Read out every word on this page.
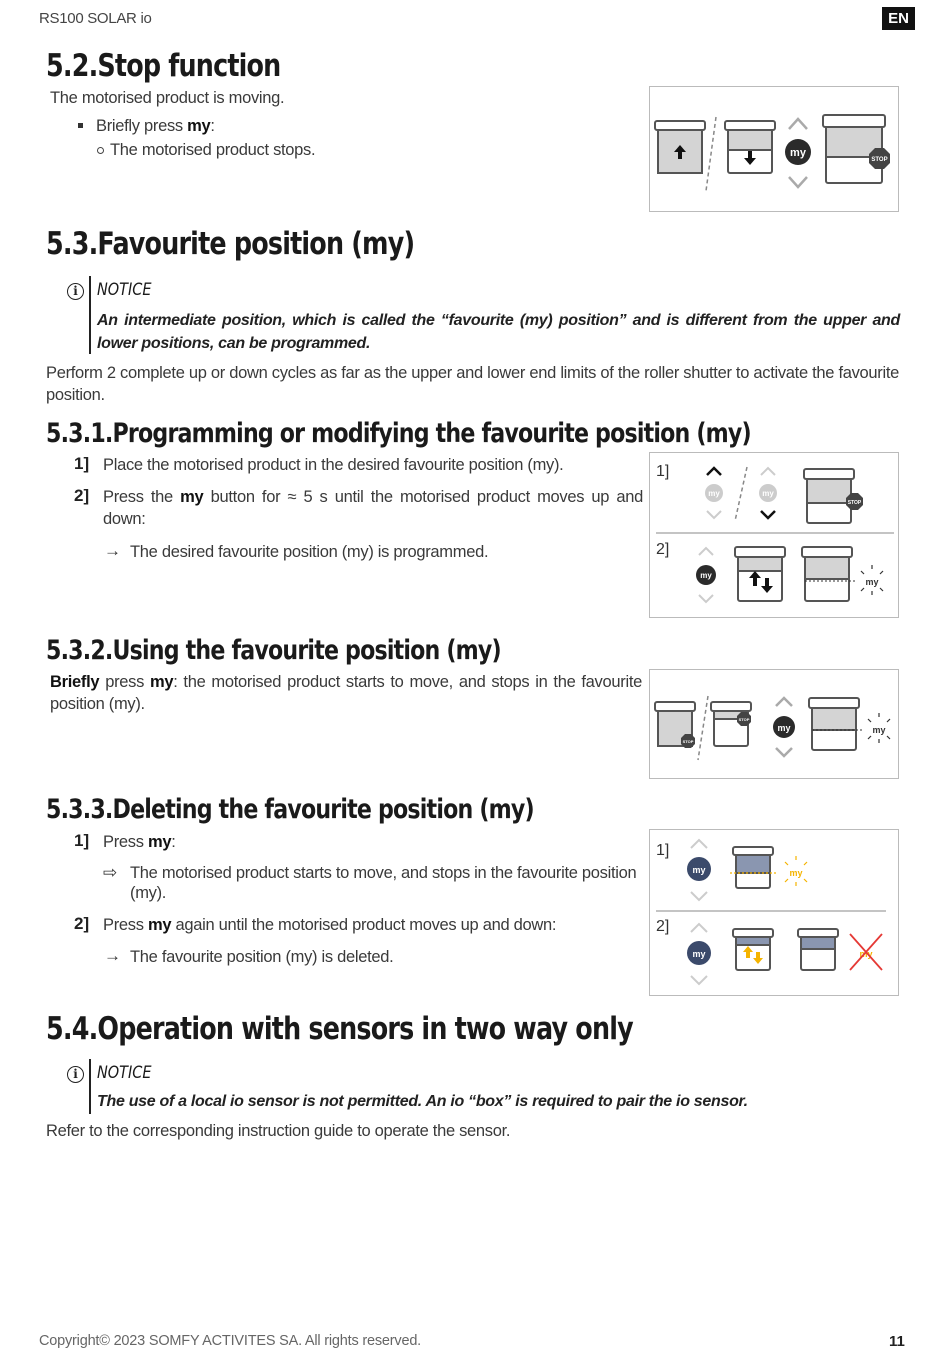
RS100 SOLAR io	EN
5.2.Stop function
The motorised product is moving.
Briefly press my:
The motorised product stops.	my
STOP
5.3.Favourite position (my)
i	NOTICE
An intermediate position, which is called the “favourite (my) position” and is different from the upper and lower positions, can be programmed.
Perform 2 complete up or down cycles as far as the upper and lower end limits of the roller shutter to activate the favourite position.
5.3.1.Programming or modifying the favourite position (my)
1] Place the motorised product in the desired favourite position (my).
2] Press the my button for ≈ 5 s until the motorised product moves up and down:
→ The desired favourite position (my) is programmed.
1]
2]
my	my
STOP
my
my
5.3.2.Using the favourite position (my)
Briefly press my: the motorised product starts to move, and stops in the favourite position (my).
STOP
STOP
my	my
5.3.3.Deleting the favourite position (my)
1] Press my:
⇨ The motorised product starts to move, and stops in the favourite position (my).
2] Press my again until the motorised product moves up and down:
→ The favourite position (my) is deleted.
1]
2]
my	my
my	my
5.4.Operation with sensors in two way only
i	NOTICE
The use of a local io sensor is not permitted. An io “box” is required to pair the io sensor.
Refer to the corresponding instruction guide to operate the sensor.
Copyright© 2023 SOMFY ACTIVITES SA. All rights reserved.	11
